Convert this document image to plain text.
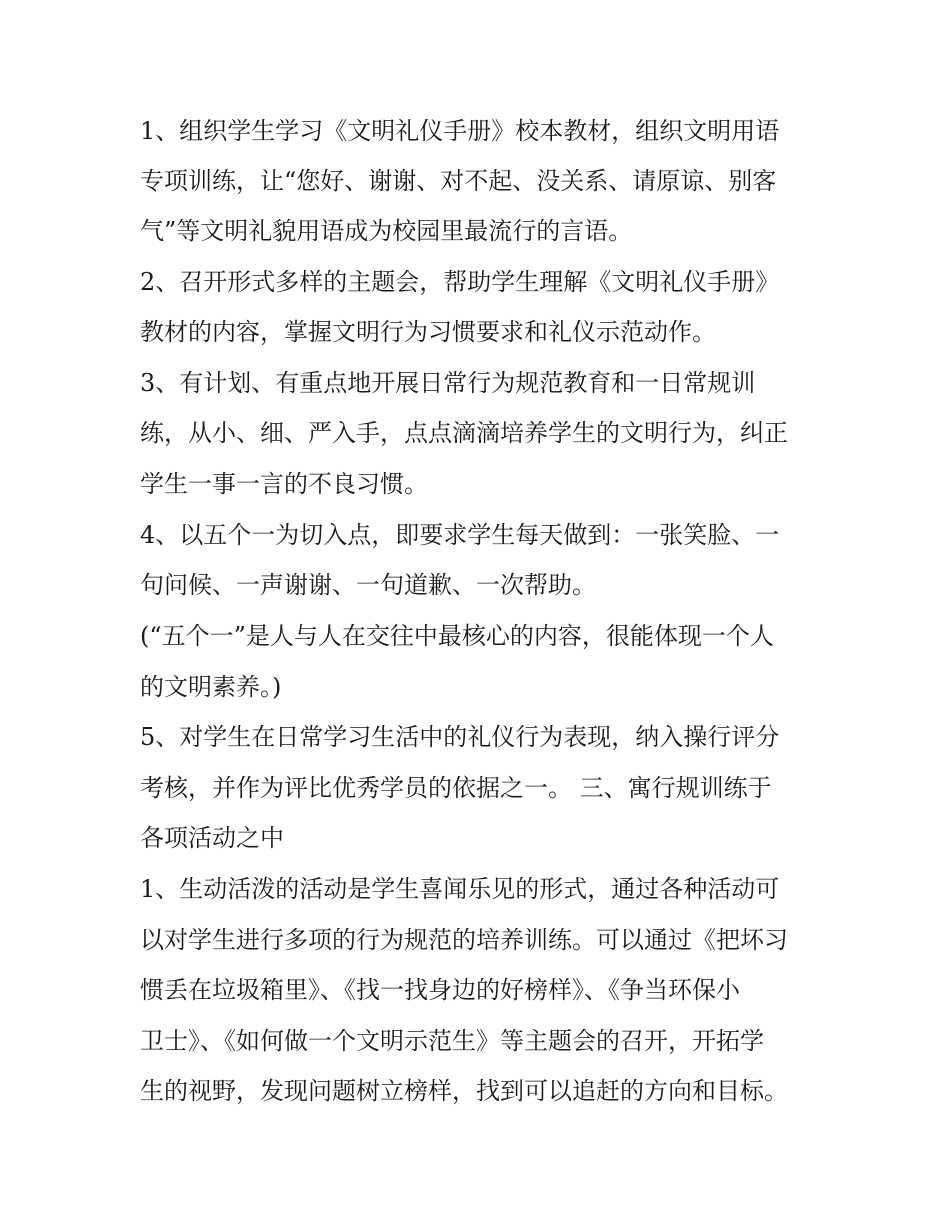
1、组织学生学习《文明礼仪手册》校本教材，组织文明用语
专项训练，让“您好、谢谢、对不起、没关系、请原谅、别客
气”等文明礼貌用语成为校园里最流行的言语。
2、召开形式多样的主题会，帮助学生理解《文明礼仪手册》
教材的内容，掌握文明行为习惯要求和礼仪示范动作。
3、有计划、有重点地开展日常行为规范教育和一日常规训
练，从小、细、严入手，点点滴滴培养学生的文明行为，纠正
学生一事一言的不良习惯。
4、以五个一为切入点，即要求学生每天做到：一张笑脸、一
句问候、一声谢谢、一句道歉、一次帮助。
(“五个一”是人与人在交往中最核心的内容，很能体现一个人
的文明素养。)
5、对学生在日常学习生活中的礼仪行为表现，纳入操行评分
考核，并作为评比优秀学员的依据之一。 三、寓行规训练于
各项活动之中
1、生动活泼的活动是学生喜闻乐见的形式，通过各种活动可
以对学生进行多项的行为规范的培养训练。可以通过《把坏习
惯丢在垃圾箱里》、《找一找身边的好榜样》、《争当环保小
卫士》、《如何做一个文明示范生》等主题会的召开，开拓学
生的视野，发现问题树立榜样，找到可以追赶的方向和目标。
